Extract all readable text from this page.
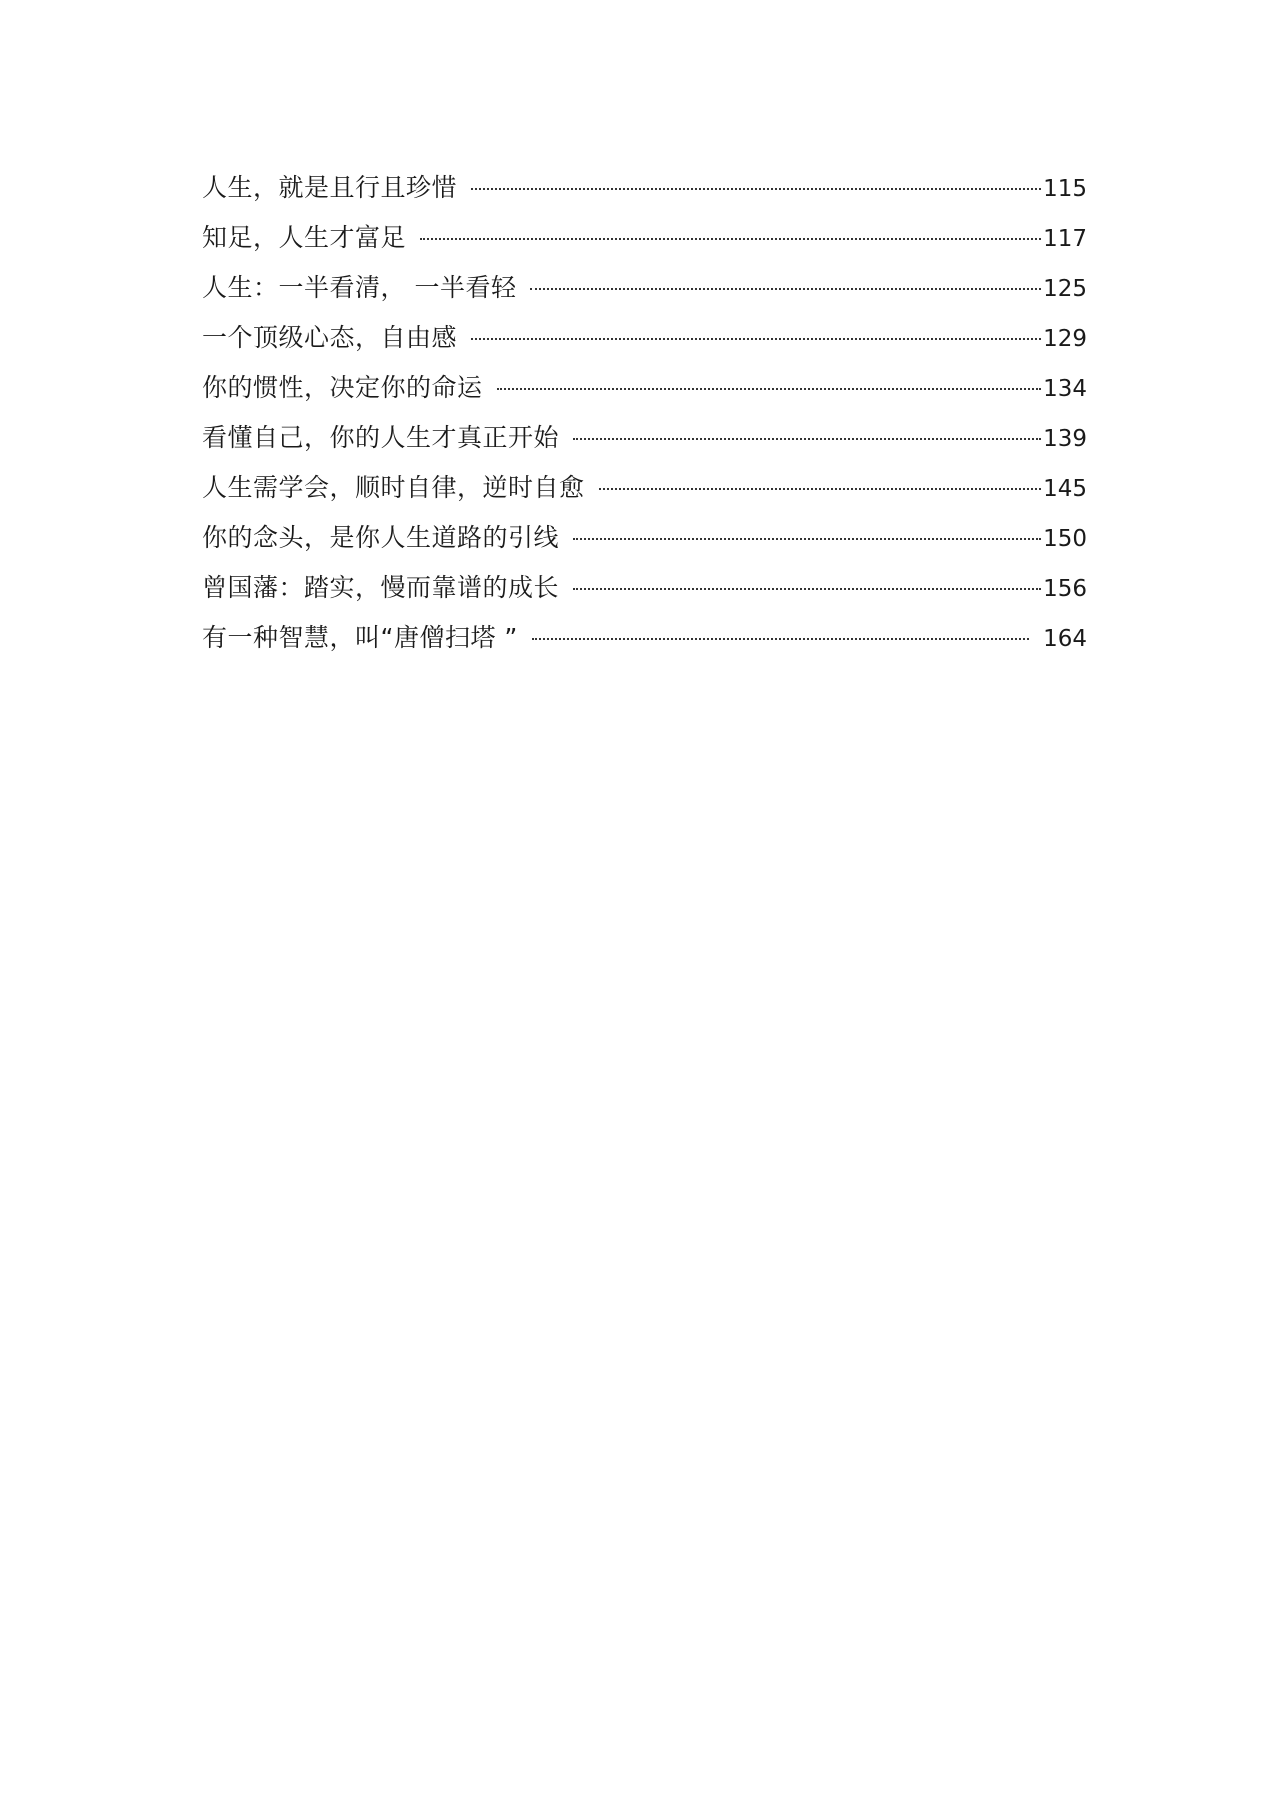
人生，就是且行且珍惜	115
知足，人生才富足	117
人生：一半看清， 一半看轻	125
一个顶级心态，自由感	129
你的惯性，决定你的命运	134
看懂自己，你的人生才真正开始	139
人生需学会，顺时自律，逆时自愈	145
你的念头，是你人生道路的引线	150
曾国藩：踏实，慢而靠谱的成长	156
有一种智慧，叫“唐僧扫塔 ”	164
